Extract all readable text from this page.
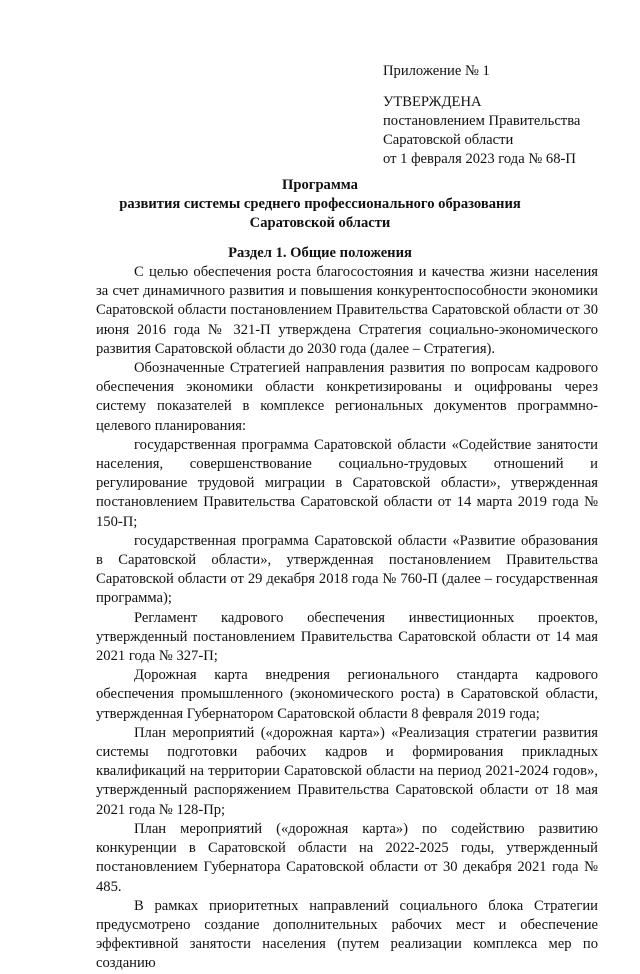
Приложение № 1
УТВЕРЖДЕНА
постановлением Правительства
Саратовской области
от 1 февраля 2023 года № 68-П
Программа
развития системы среднего профессионального образования
Саратовской области
Раздел 1. Общие положения

С целью обеспечения роста благосостояния и качества жизни населения за счет динамичного развития и повышения конкурентоспособности экономики Саратовской области постановлением Правительства Саратовской области от 30 июня 2016 года № 321-П утверждена Стратегия социально-экономического развития Саратовской области до 2030 года (далее – Стратегия).

Обозначенные Стратегией направления развития по вопросам кадрового обеспечения экономики области конкретизированы и оцифрованы через систему показателей в комплексе региональных документов программно-целевого планирования:

государственная программа Саратовской области «Содействие занятости населения, совершенствование социально-трудовых отношений и регулирование трудовой миграции в Саратовской области», утвержденная постановлением Правительства Саратовской области от 14 марта 2019 года № 150-П;

государственная программа Саратовской области «Развитие образования в Саратовской области», утвержденная постановлением Правительства Саратовской области от 29 декабря 2018 года № 760-П (далее – государственная программа);

Регламент кадрового обеспечения инвестиционных проектов, утвержденный постановлением Правительства Саратовской области от 14 мая 2021 года № 327-П;

Дорожная карта внедрения регионального стандарта кадрового обеспечения промышленного (экономического роста) в Саратовской области, утвержденная Губернатором Саратовской области 8 февраля 2019 года;

План мероприятий («дорожная карта») «Реализация стратегии развития системы подготовки рабочих кадров и формирования прикладных квалификаций на территории Саратовской области на период 2021-2024 годов», утвержденный распоряжением Правительства Саратовской области от 18 мая 2021 года № 128-Пр;

План мероприятий («дорожная карта») по содействию развитию конкуренции в Саратовской области на 2022-2025 годы, утвержденный постановлением Губернатора Саратовской области от 30 декабря 2021 года № 485.

В рамках приоритетных направлений социального блока Стратегии предусмотрено создание дополнительных рабочих мест и обеспечение эффективной занятости населения (путем реализации комплекса мер по созданию
